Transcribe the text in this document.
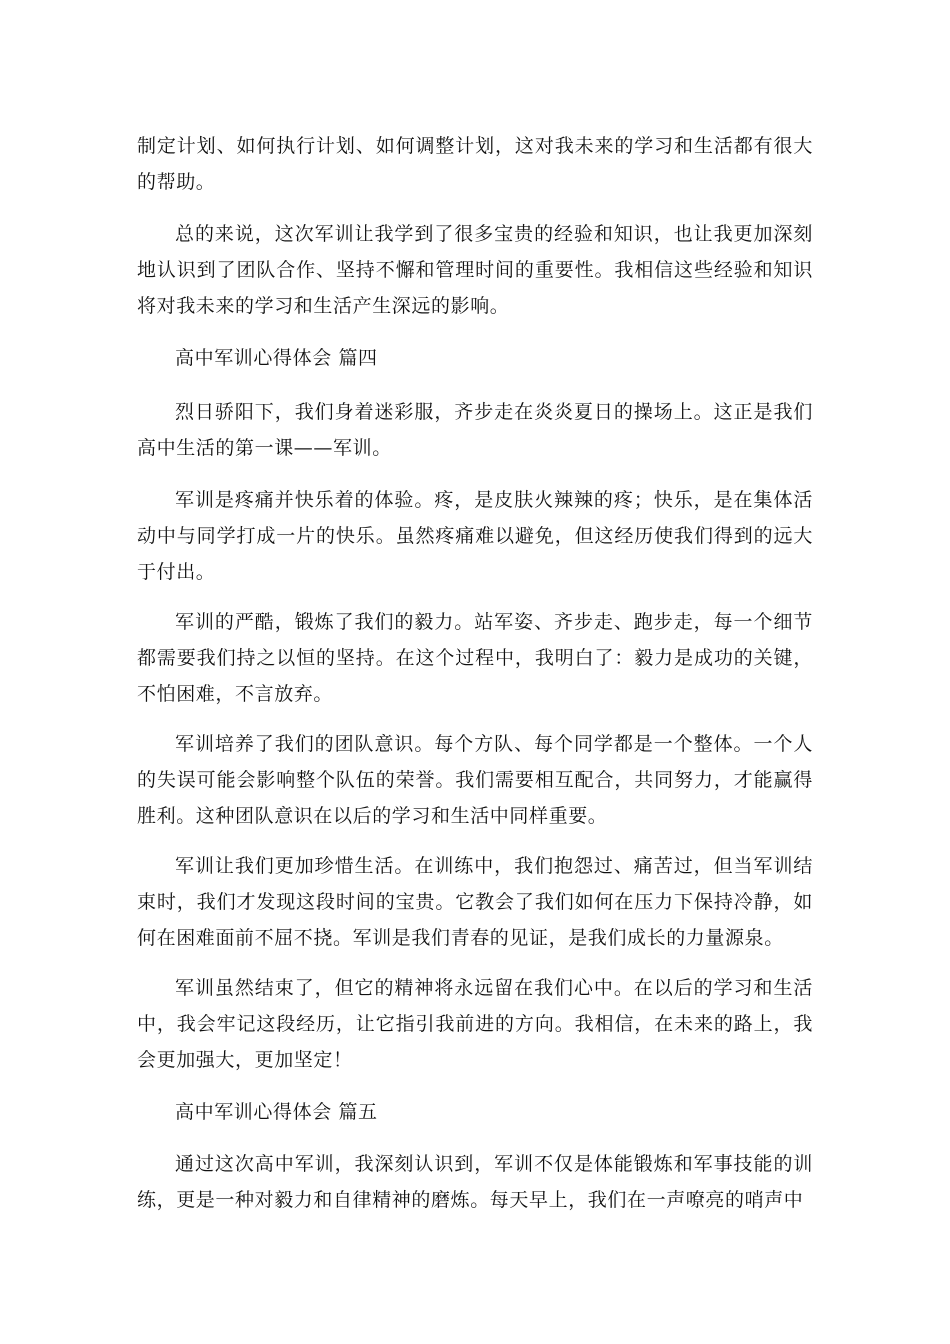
制定计划、如何执行计划、如何调整计划，这对我未来的学习和生活都有很大的帮助。

总的来说，这次军训让我学到了很多宝贵的经验和知识，也让我更加深刻地认识到了团队合作、坚持不懈和管理时间的重要性。我相信这些经验和知识将对我未来的学习和生活产生深远的影响。

高中军训心得体会 篇四

烈日骄阳下，我们身着迷彩服，齐步走在炎炎夏日的操场上。这正是我们高中生活的第一课——军训。

军训是疼痛并快乐着的体验。疼，是皮肤火辣辣的疼；快乐，是在集体活动中与同学打成一片的快乐。虽然疼痛难以避免，但这经历使我们得到的远大于付出。

军训的严酷，锻炼了我们的毅力。站军姿、齐步走、跑步走，每一个细节都需要我们持之以恒的坚持。在这个过程中，我明白了：毅力是成功的关键，不怕困难，不言放弃。

军训培养了我们的团队意识。每个方队、每个同学都是一个整体。一个人的失误可能会影响整个队伍的荣誉。我们需要相互配合，共同努力，才能赢得胜利。这种团队意识在以后的学习和生活中同样重要。

军训让我们更加珍惜生活。在训练中，我们抱怨过、痛苦过，但当军训结束时，我们才发现这段时间的宝贵。它教会了我们如何在压力下保持冷静，如何在困难面前不屈不挠。军训是我们青春的见证，是我们成长的力量源泉。

军训虽然结束了，但它的精神将永远留在我们心中。在以后的学习和生活中，我会牢记这段经历，让它指引我前进的方向。我相信，在未来的路上，我会更加强大，更加坚定！

高中军训心得体会 篇五

通过这次高中军训，我深刻认识到，军训不仅是体能锻炼和军事技能的训练，更是一种对毅力和自律精神的磨炼。每天早上，我们在一声嘹亮的哨声中
